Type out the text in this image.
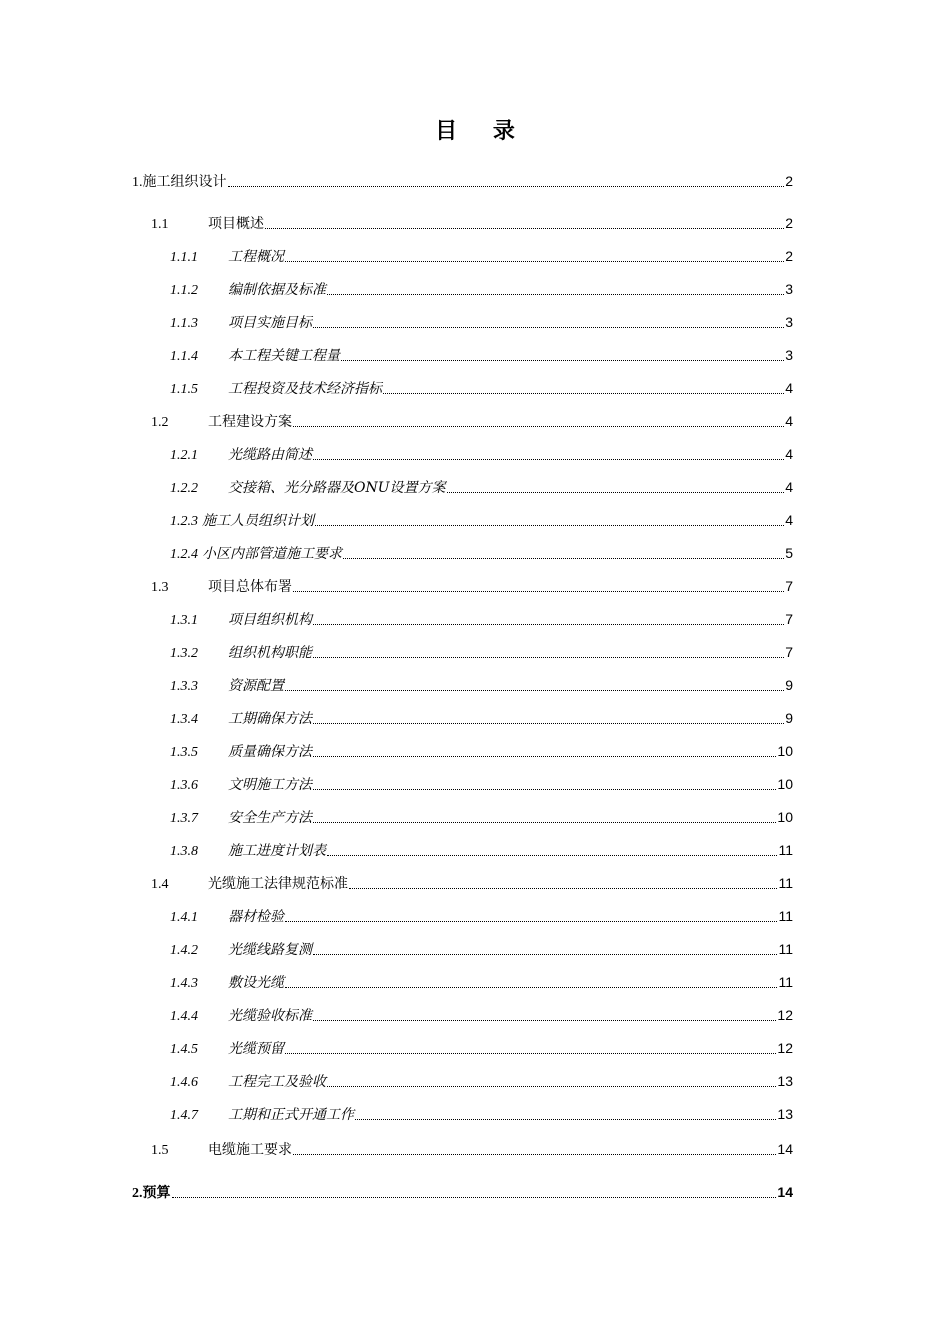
目 录
1. 施工组织设计	2
1.1	项目概述	2
1.1.1	工程概况	2
1.1.2	编制依据及标准	3
1.1.3	项目实施目标	3
1.1.4	本工程关键工程量	3
1.1.5	工程投资及技术经济指标	4
1.2	工程建设方案	4
1.2.1	光缆路由简述	4
1.2.2	交接箱、光分路器及ONU设置方案	4
1.2.3 施工人员组织计划	4
1.2.4 小区内部管道施工要求	5
1.3	项目总体布署	7
1.3.1	项目组织机构	7
1.3.2	组织机构职能	7
1.3.3	资源配置	9
1.3.4	工期确保方法	9
1.3.5	质量确保方法	10
1.3.6	文明施工方法	10
1.3.7	安全生产方法	10
1.3.8	施工进度计划表	11
1.4	光缆施工法律规范标准	11
1.4.1	器材检验	11
1.4.2	光缆线路复测	11
1.4.3	敷设光缆	11
1.4.4	光缆验收标准	12
1.4.5	光缆预留	12
1.4.6	工程完工及验收	13
1.4.7	工期和正式开通工作	13
1.5	电缆施工要求	14
2. 预算	14
